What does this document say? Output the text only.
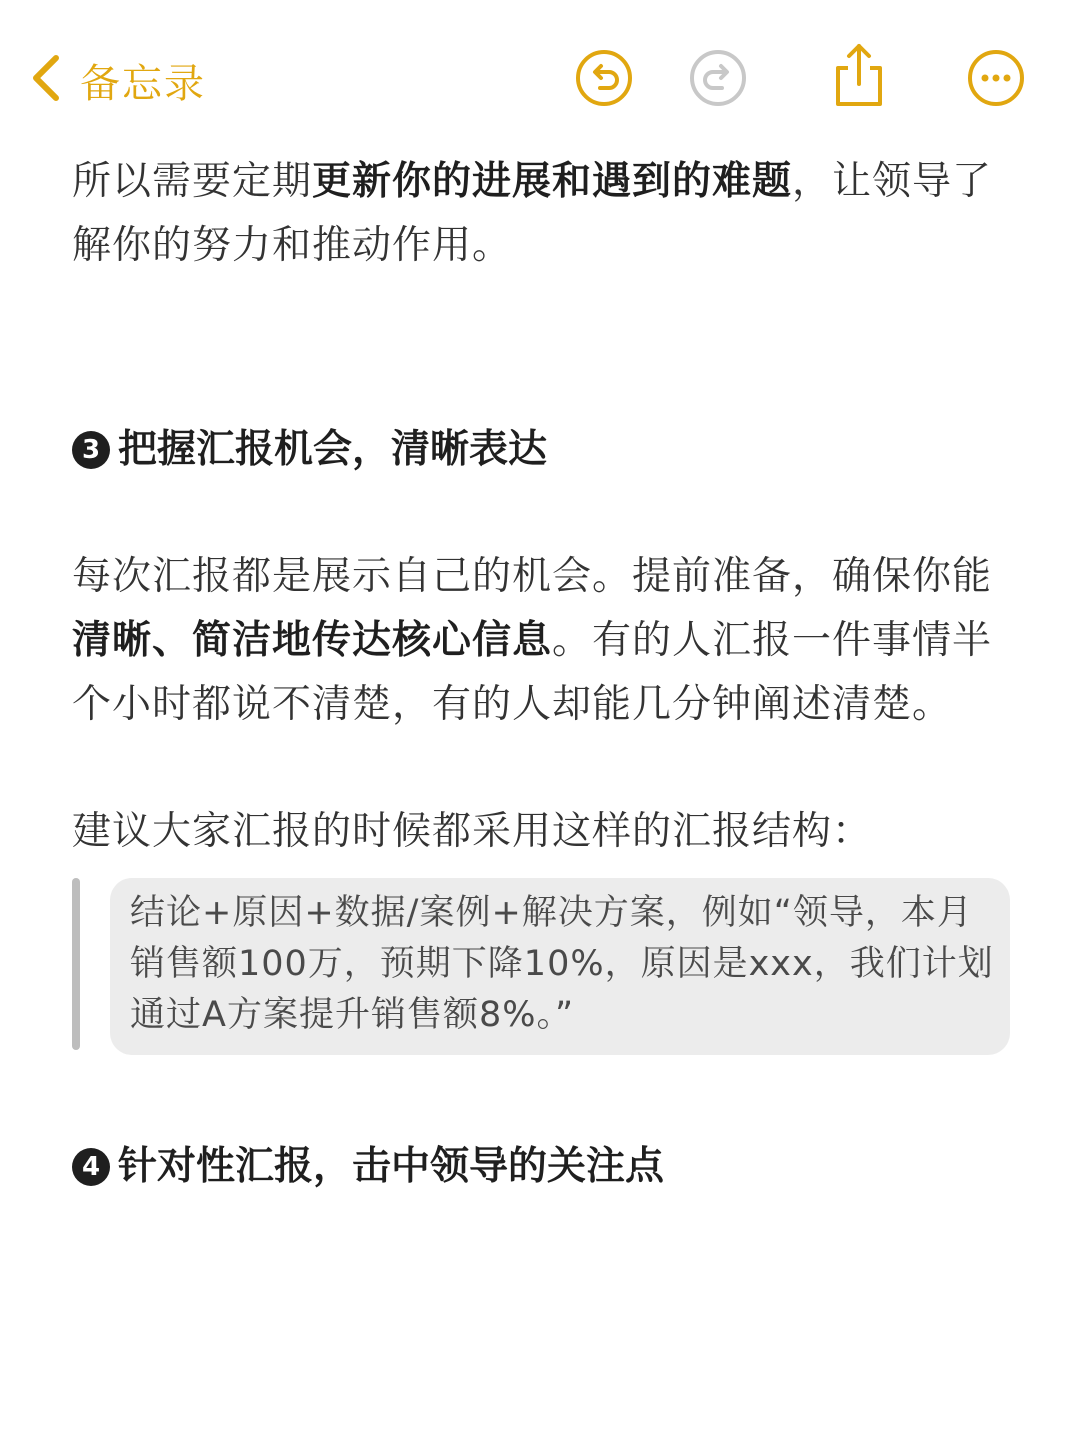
备忘录

所以需要定期更新你的进展和遇到的难题，让领导了解你的努力和推动作用。

3 把握汇报机会，清晰表达

每次汇报都是展示自己的机会。提前准备，确保你能清晰、简洁地传达核心信息。有的人汇报一件事情半个小时都说不清楚，有的人却能几分钟阐述清楚。

建议大家汇报的时候都采用这样的汇报结构：

结论+原因+数据/案例+解决方案，例如“领导，本月销售额100万，预期下降10%，原因是xxx，我们计划通过A方案提升销售额8%。”

4 针对性汇报，击中领导的关注点
